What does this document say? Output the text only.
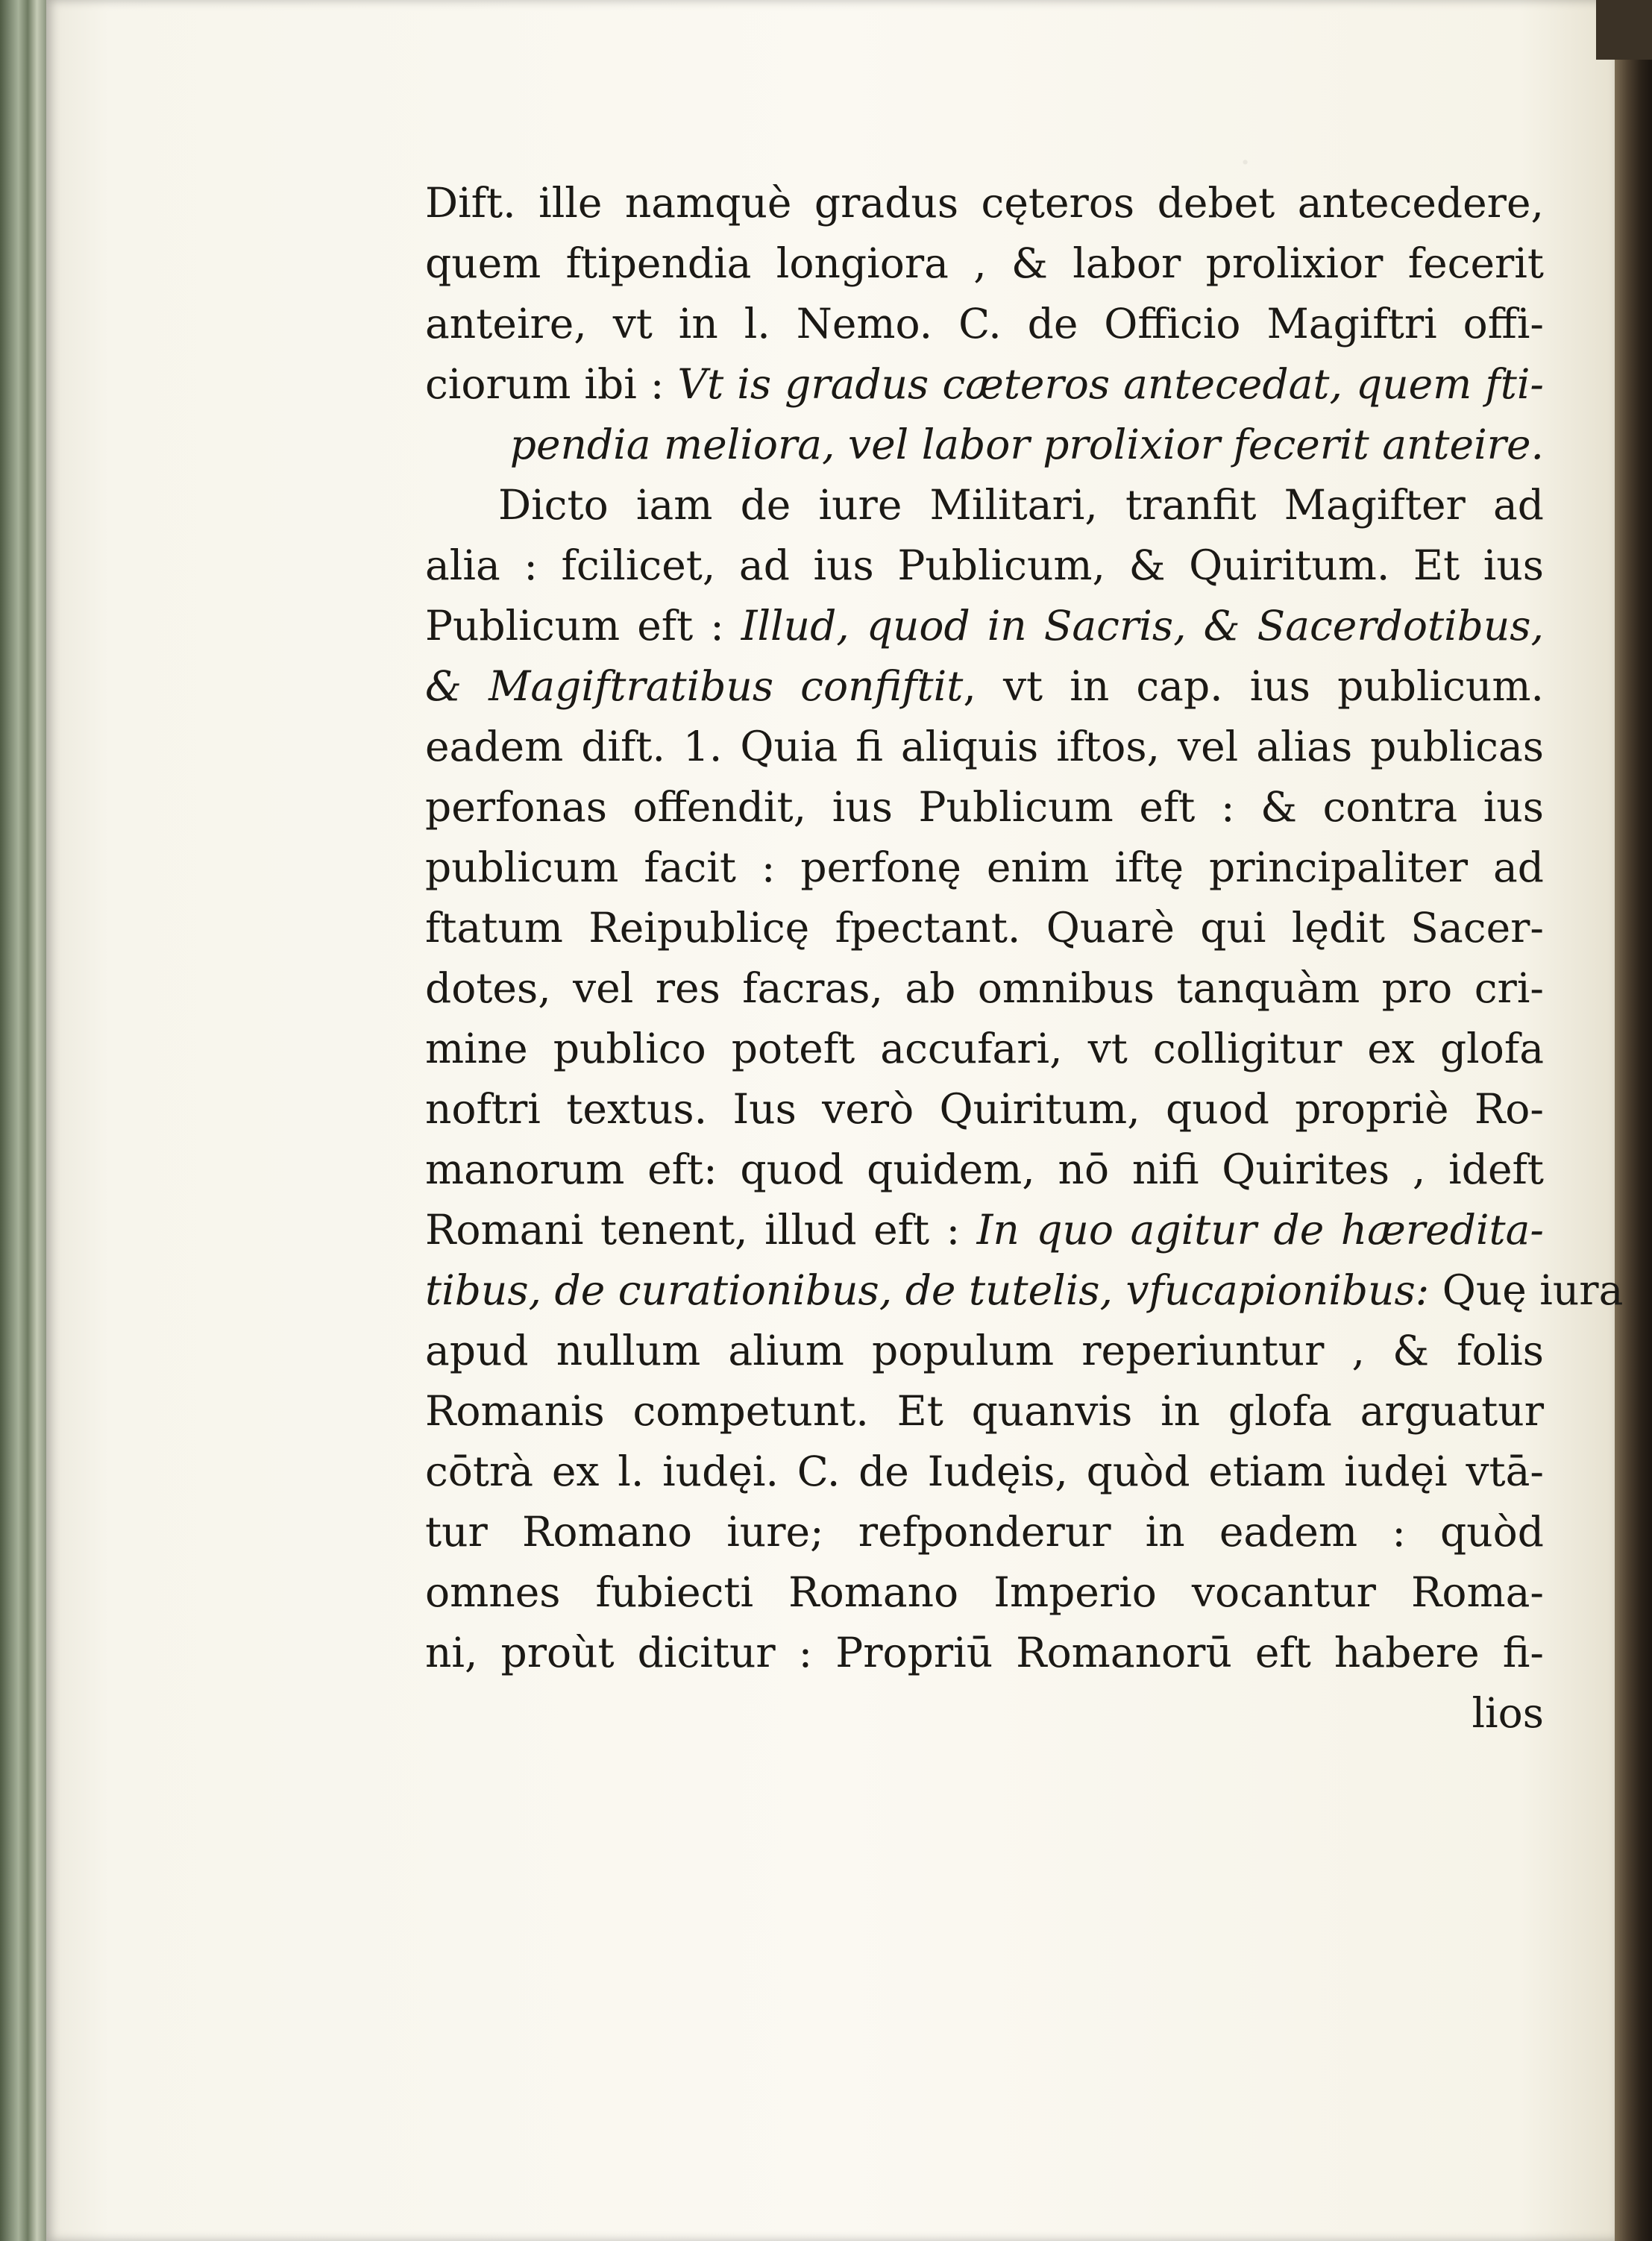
·
Dift. ille namquè gradus cęteros debet antecedere,
quem ftipendia longiora , & labor prolixior fecerit
anteire, vt in l. Nemo. C. de Officio Magiftri offi-
ciorum ibi : Vt is gradus cæteros antecedat, quem fti-
pendia meliora, vel labor prolixior fecerit anteire.
Dicto iam de iure Militari, tranfit Magifter ad
alia : fcilicet, ad ius Publicum, & Quiritum. Et ius
Publicum eft : Illud, quod in Sacris, & Sacerdotibus,
& Magiftratibus confiftit, vt in cap. ius publicum.
eadem dift. 1. Quia fi aliquis iftos, vel alias publicas
perfonas offendit, ius Publicum eft : & contra ius
publicum facit : perfonę enim iftę principaliter ad
ftatum Reipublicę fpectant. Quarè qui lędit Sacer-
dotes, vel res facras, ab omnibus tanquàm pro cri-
mine publico poteft accufari, vt colligitur ex glofa
noftri textus. Ius verò Quiritum, quod propriè Ro-
manorum eft: quod quidem, nō nifi Quirites , ideft
Romani tenent, illud eft : In quo agitur de hæredita-
tibus, de curationibus, de tutelis, vfucapionibus: Quę iura
apud nullum alium populum reperiuntur , & folis
Romanis competunt. Et quanvis in glofa arguatur
cōtrà ex l. iudęi. C. de Iudęis, quòd etiam iudęi vtā-
tur Romano iure; refponderur in eadem : quòd
omnes fubiecti Romano Imperio vocantur Roma-
ni, proùt dicitur : Propriū Romanorū eft habere fi-
lios
